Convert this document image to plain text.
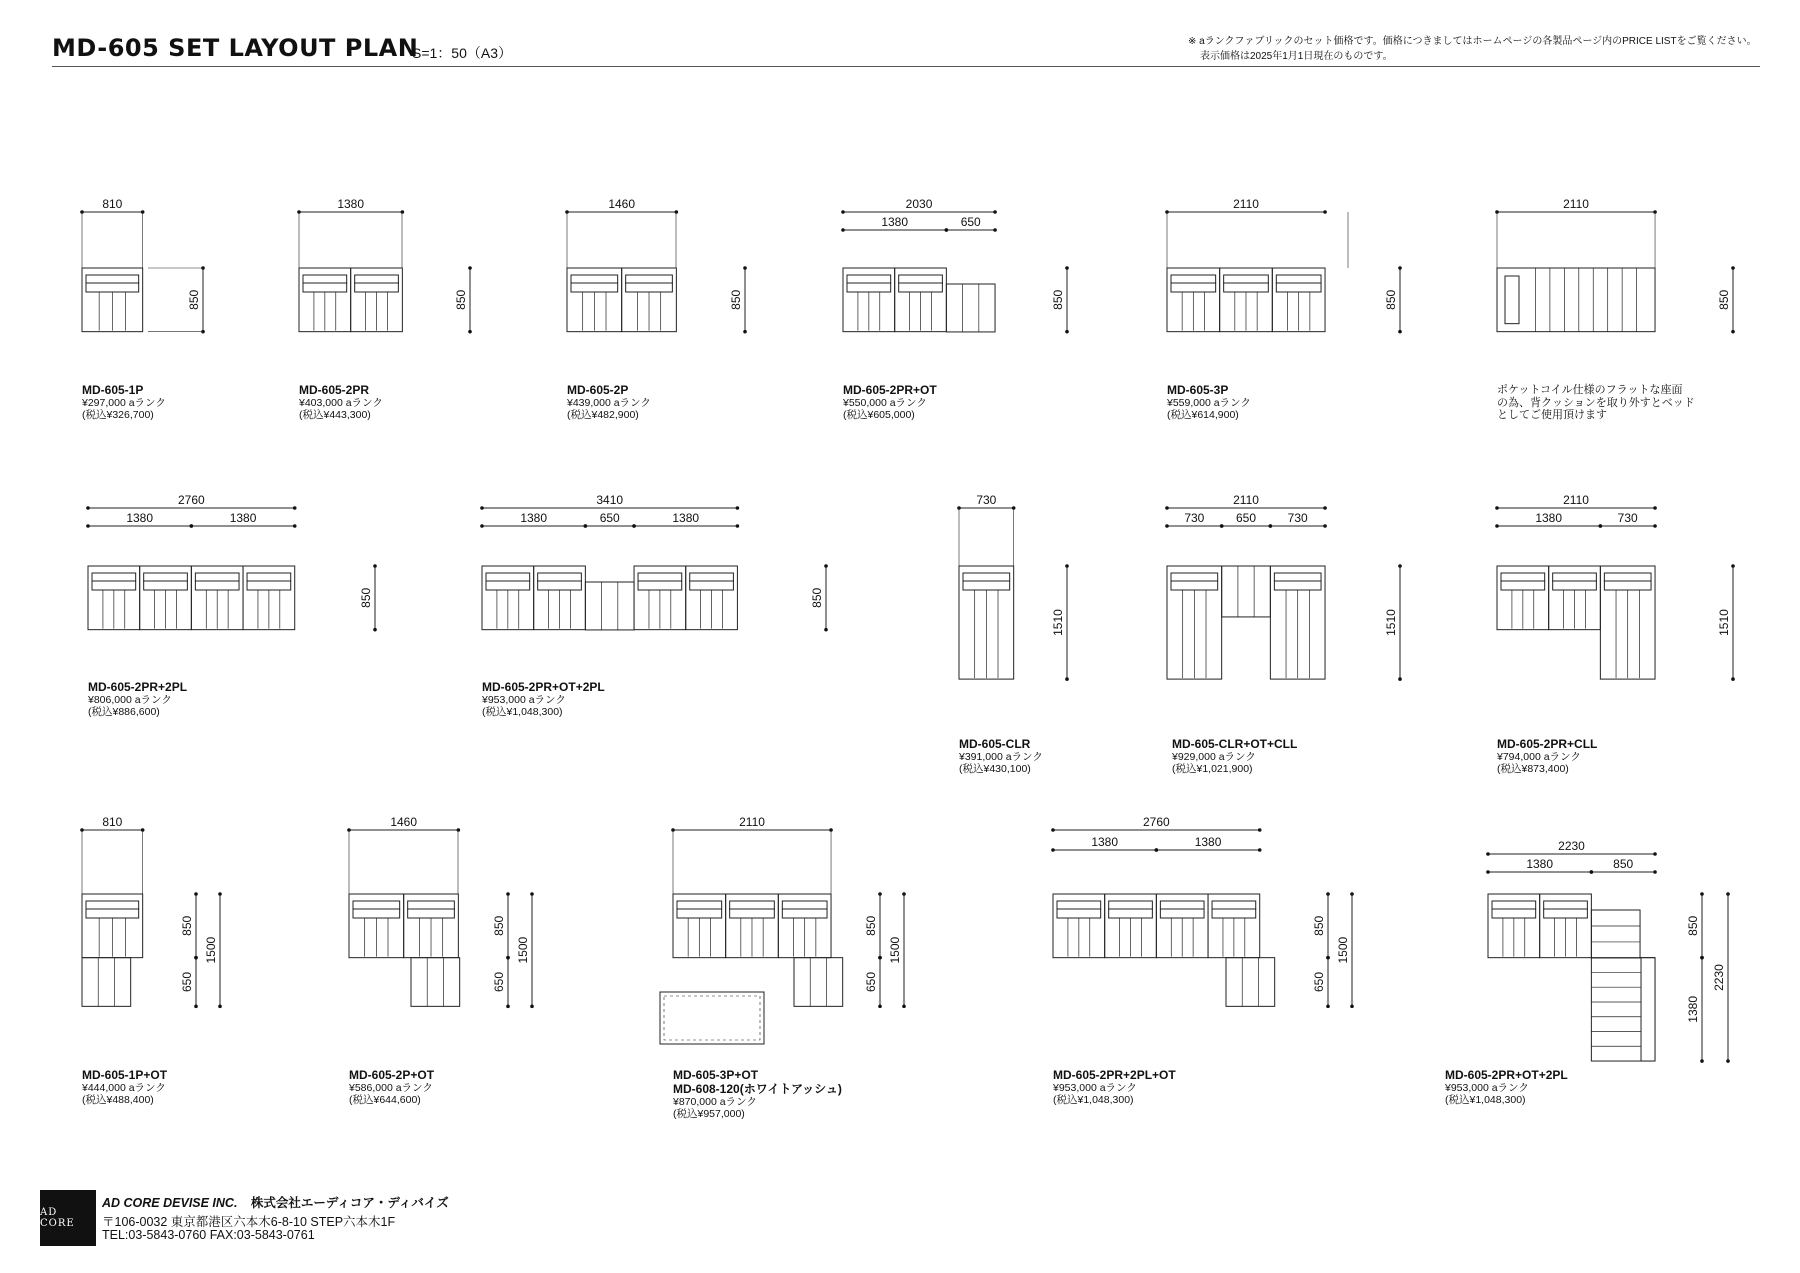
MD-605 SET LAYOUT PLAN
S=1：50（A3）
※ aランクファブリックのセット価格です。価格につきましてはホームページの各製品ページ内のPRICE LISTをご覧ください。
表示価格は2025年1月1日現在のものです。
810
850
1380
850
1460
850
2030
1380	650
850
2110
850
2110
850
2760
1380	1380
850
3410
1380	650	1380
850
730
1510
2110
730	650	730
1510
2110
1380	730
1510
850
650
1500
810
850
650
1500
1460
850
650
1500
2110
850
650
1500
2760
1380	1380	2230
1380	850
850
1380
2230
MD-605-1P
¥297,000 aランク
(税込¥326,700)
MD-605-2PR
¥403,000 aランク
(税込¥443,300)
MD-605-2P
¥439,000 aランク
(税込¥482,900)
MD-605-2PR+OT
¥550,000 aランク
(税込¥605,000)
MD-605-3P
¥559,000 aランク
(税込¥614,900)
MD-605-2PR+2PL
¥806,000 aランク
(税込¥886,600)
MD-605-2PR+OT+2PL
¥953,000 aランク
(税込¥1,048,300)
MD-605-CLR
¥391,000 aランク
(税込¥430,100)
MD-605-CLR+OT+CLL
¥929,000 aランク
(税込¥1,021,900)
MD-605-2PR+CLL
¥794,000 aランク
(税込¥873,400)
MD-605-1P+OT
¥444,000 aランク
(税込¥488,400)
MD-605-2P+OT
¥586,000 aランク
(税込¥644,600)
MD-605-3P+OT
MD-608-120(ホワイトアッシュ)
¥870,000 aランク
(税込¥957,000)
MD-605-2PR+2PL+OT
¥953,000 aランク
(税込¥1,048,300)
MD-605-2PR+OT+2PL
¥953,000 aランク
(税込¥1,048,300)
ポケットコイル仕様のフラットな座面
の為、背クッションを取り外すとベッド
としてご使用頂けます
AD CORE
AD CORE DEVISE INC. 株式会社エーディコア・ディバイズ
〒106-0032 東京都港区六本木6-8-10 STEP六本木1F
TEL:03-5843-0760 FAX:03-5843-0761
